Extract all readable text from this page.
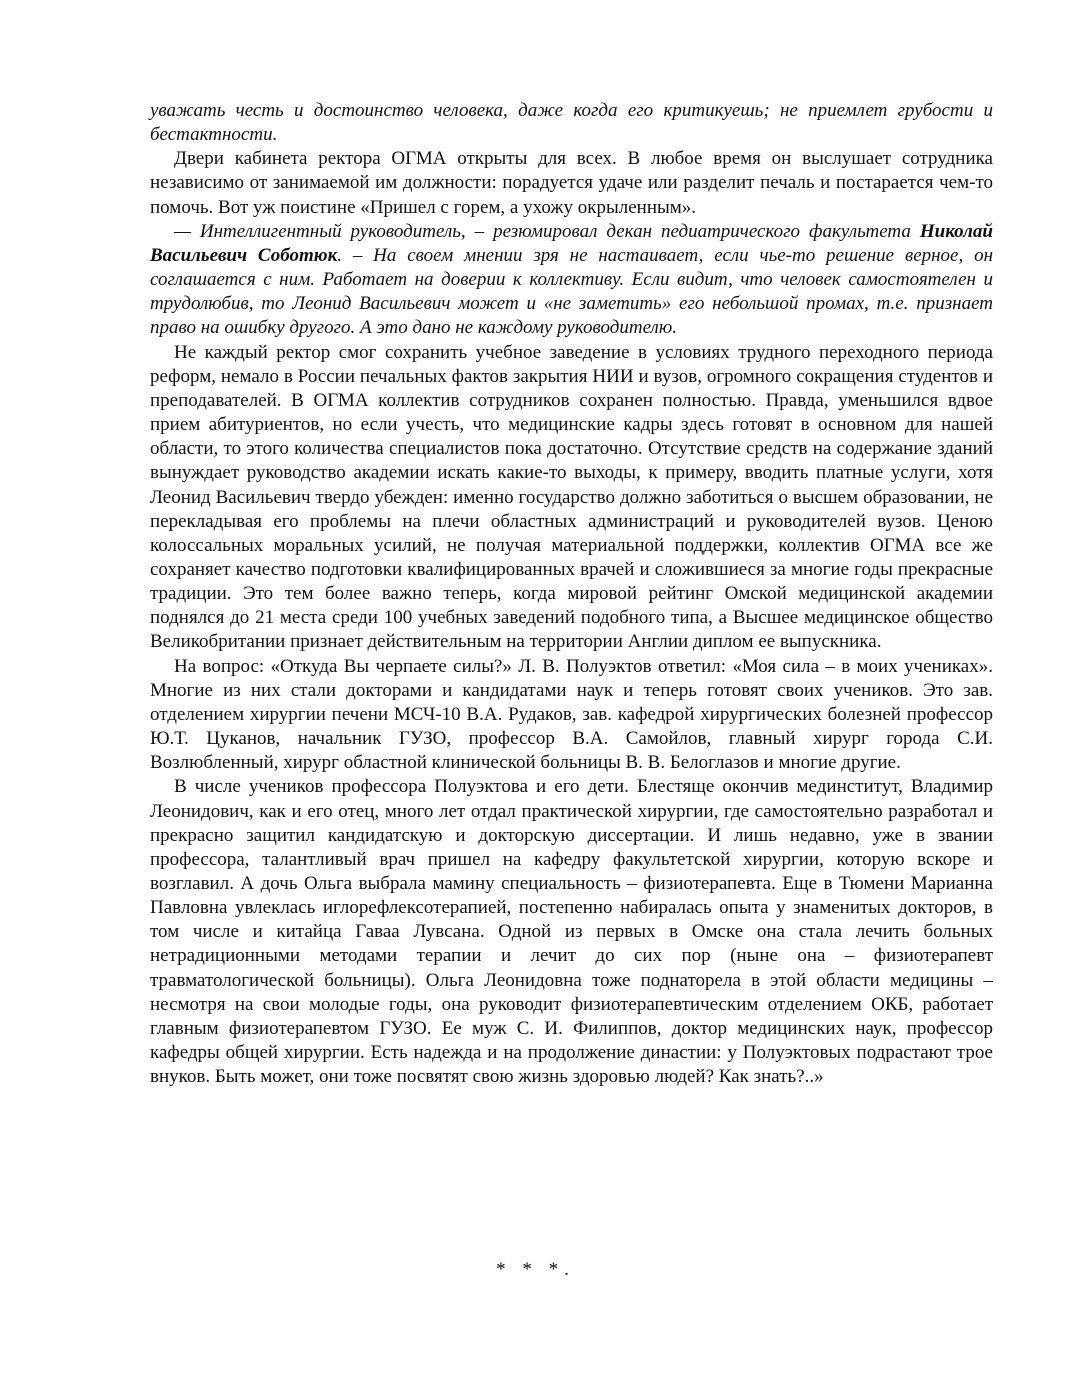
уважать честь и достоинство человека, даже когда его критикуешь; не приемлет грубости и бестактности.

Двери кабинета ректора ОГМА открыты для всех. В любое время он выслушает сотрудника независимо от занимаемой им должности: порадуется удаче или разделит печаль и постарается чем-то помочь. Вот уж поистине «Пришел с горем, а ухожу окрыленным».

— Интеллигентный руководитель, – резюмировал декан педиатрического факультета Николай Васильевич Соботюк. – На своем мнении зря не настаивает, если чье-то решение верное, он соглашается с ним. Работает на доверии к коллективу. Если видит, что человек самостоятелен и трудолюбив, то Леонид Васильевич может и «не заметить» его небольшой промах, т.е. признает право на ошибку другого. А это дано не каждому руководителю.

Не каждый ректор смог сохранить учебное заведение в условиях трудного переходного периода реформ, немало в России печальных фактов закрытия НИИ и вузов, огромного сокращения студентов и преподавателей. В ОГМА коллектив сотрудников сохранен полностью. Правда, уменьшился вдвое прием абитуриентов, но если учесть, что медицинские кадры здесь готовят в основном для нашей области, то этого количества специалистов пока достаточно. Отсутствие средств на содержание зданий вынуждает руководство академии искать какие-то выходы, к примеру, вводить платные услуги, хотя Леонид Васильевич твердо убежден: именно государство должно заботиться о высшем образовании, не перекладывая его проблемы на плечи областных администраций и руководителей вузов. Ценою колоссальных моральных усилий, не получая материальной поддержки, коллектив ОГМА все же сохраняет качество подготовки квалифицированных врачей и сложившиеся за многие годы прекрасные традиции. Это тем более важно теперь, когда мировой рейтинг Омской медицинской академии поднялся до 21 места среди 100 учебных заведений подобного типа, а Высшее медицинское общество Великобритании признает действительным на территории Англии диплом ее выпускника.

На вопрос: «Откуда Вы черпаете силы?» Л. В. Полуэктов ответил: «Моя сила – в моих учениках». Многие из них стали докторами и кандидатами наук и теперь готовят своих учеников. Это зав. отделением хирургии печени МСЧ-10 В.А. Рудаков, зав. кафедрой хирургических болезней профессор Ю.Т. Цуканов, начальник ГУЗО, профессор В.А. Самойлов, главный хирург города С.И. Возлюбленный, хирург областной клинической больницы В. В. Белоглазов и многие другие.

В числе учеников профессора Полуэктова и его дети. Блестяще окончив мединститут, Владимир Леонидович, как и его отец, много лет отдал практической хирургии, где самостоятельно разработал и прекрасно защитил кандидатскую и докторскую диссертации. И лишь недавно, уже в звании профессора, талантливый врач пришел на кафедру факультетской хирургии, которую вскоре и возглавил. А дочь Ольга выбрала мамину специальность – физиотерапевта. Еще в Тюмени Марианна Павловна увлеклась иглорефлексотерапией, постепенно набиралась опыта у знаменитых докторов, в том числе и китайца Гаваа Лувсана. Одной из первых в Омске она стала лечить больных нетрадиционными методами терапии и лечит до сих пор (ныне она – физиотерапевт травматологической больницы). Ольга Леонидовна тоже поднаторела в этой области медицины – несмотря на свои молодые годы, она руководит физиотерапевтическим отделением ОКБ, работает главным физиотерапевтом ГУЗО. Ее муж С. И. Филиппов, доктор медицинских наук, профессор кафедры общей хирургии. Есть надежда и на продолжение династии: у Полуэктовых подрастают трое внуков. Быть может, они тоже посвятят свою жизнь здоровью людей? Как знать?..»

* * *.
